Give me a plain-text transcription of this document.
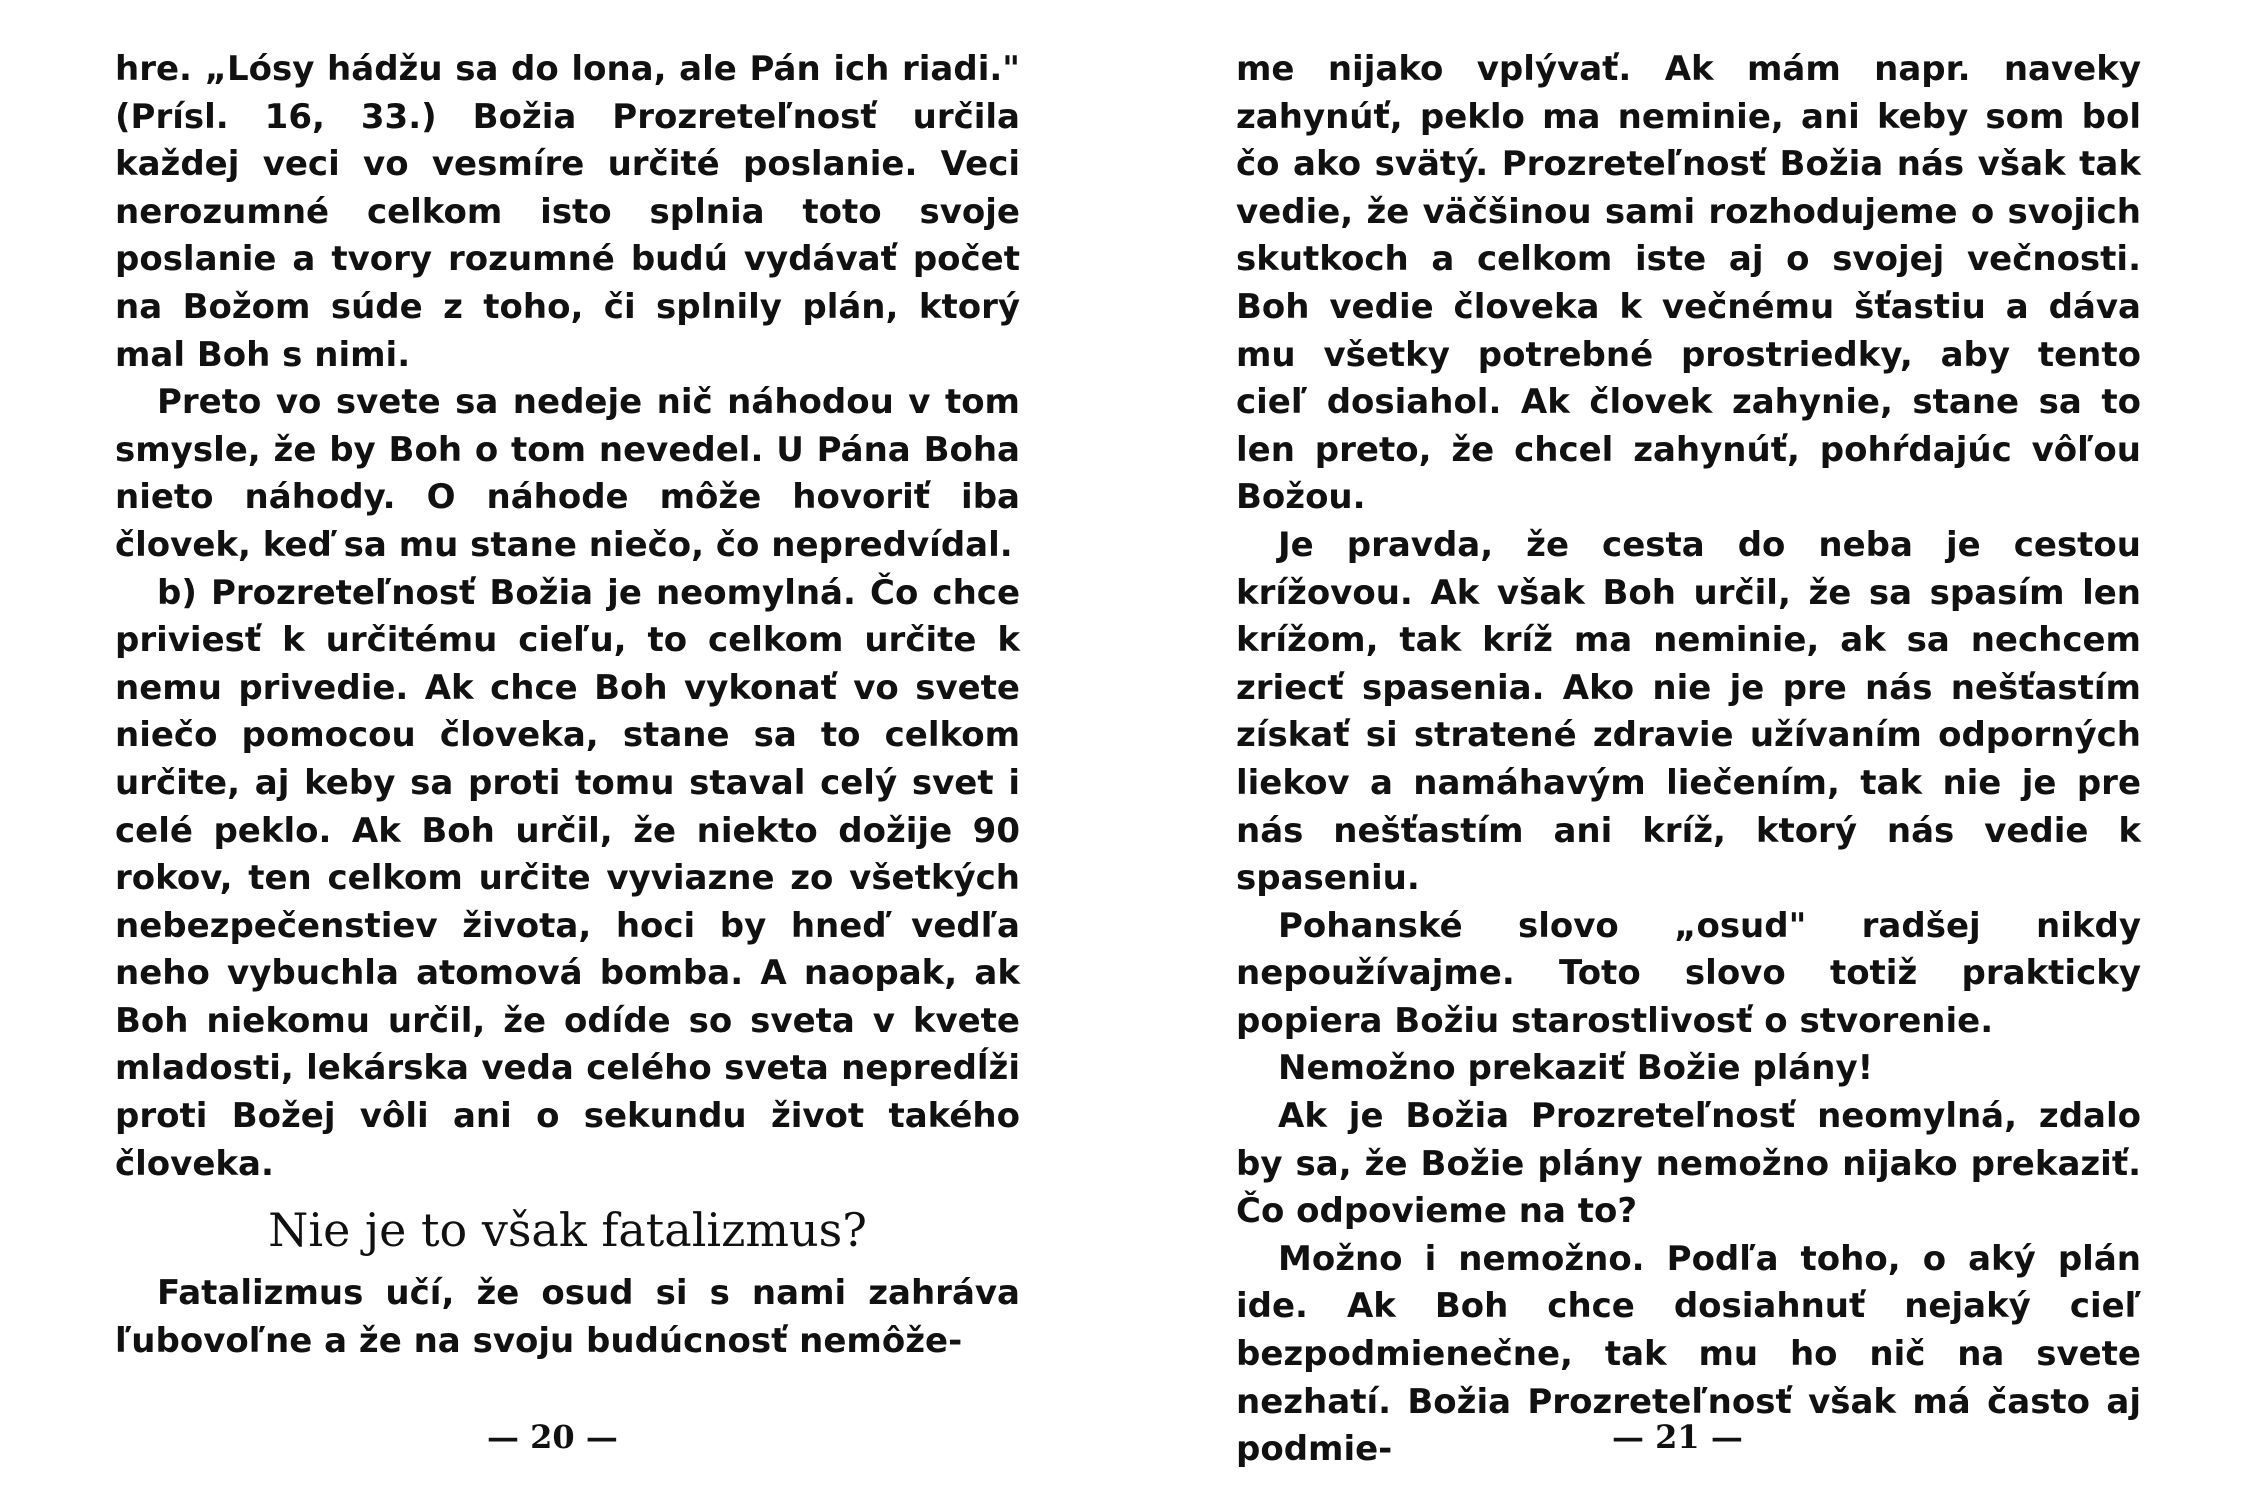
hre. „Lósy hádžu sa do lona, ale Pán ich riadi." (Prísl. 16, 33.) Božia Prozreteľnosť určila každej veci vo vesmíre určité poslanie. Veci nerozumné celkom isto splnia toto svoje poslanie a tvory rozumné budú vydávať počet na Božom súde z toho, či splnily plán, ktorý mal Boh s nimi.

Preto vo svete sa nedeje nič náhodou v tom smysle, že by Boh o tom nevedel. U Pána Boha nieto náhody. O náhode môže hovoriť iba človek, keď sa mu stane niečo, čo nepredvídal.

b) Prozreteľnosť Božia je neomylná. Čo chce priviesť k určitému cieľu, to celkom určite k nemu privedie. Ak chce Boh vykonať vo svete niečo pomocou človeka, stane sa to celkom určite, aj keby sa proti tomu staval celý svet i celé peklo. Ak Boh určil, že niekto dožije 90 rokov, ten celkom určite vyviazne zo všetkých nebezpečenstiev života, hoci by hneď vedľa neho vybuchla atomová bomba. A naopak, ak Boh niekomu určil, že odíde so sveta v kvete mladosti, lekárska veda celého sveta nepredĺži proti Božej vôli ani o sekundu život takého človeka.

Nie je to však fatalizmus?

Fatalizmus učí, že osud si s nami zahráva ľubovoľne a že na svoju budúcnosť nemôže-

— 20 —

me nijako vplývať. Ak mám napr. naveky zahynúť, peklo ma neminie, ani keby som bol čo ako svätý. Prozreteľnosť Božia nás však tak vedie, že väčšinou sami rozhodujeme o svojich skutkoch a celkom iste aj o svojej večnosti. Boh vedie človeka k večnému šťastiu a dáva mu všetky potrebné prostriedky, aby tento cieľ dosiahol. Ak človek zahynie, stane sa to len preto, že chcel zahynúť, pohŕdajúc vôľou Božou.

Je pravda, že cesta do neba je cestou krížovou. Ak však Boh určil, že sa spasím len krížom, tak kríž ma neminie, ak sa nechcem zriecť spasenia. Ako nie je pre nás nešťastím získať si stratené zdravie užívaním odporných liekov a namáhavým liečením, tak nie je pre nás nešťastím ani kríž, ktorý nás vedie k spaseniu.

Pohanské slovo „osud" radšej nikdy nepoužívajme. Toto slovo totiž prakticky popiera Božiu starostlivosť o stvorenie.

Nemožno prekaziť Božie plány!

Ak je Božia Prozreteľnosť neomylná, zdalo by sa, že Božie plány nemožno nijako prekaziť. Čo odpovieme na to?

Možno i nemožno. Podľa toho, o aký plán ide. Ak Boh chce dosiahnuť nejaký cieľ bezpodmienečne, tak mu ho nič na svete nezhatí. Božia Prozreteľnosť však má často aj podmie-	— 21 —
